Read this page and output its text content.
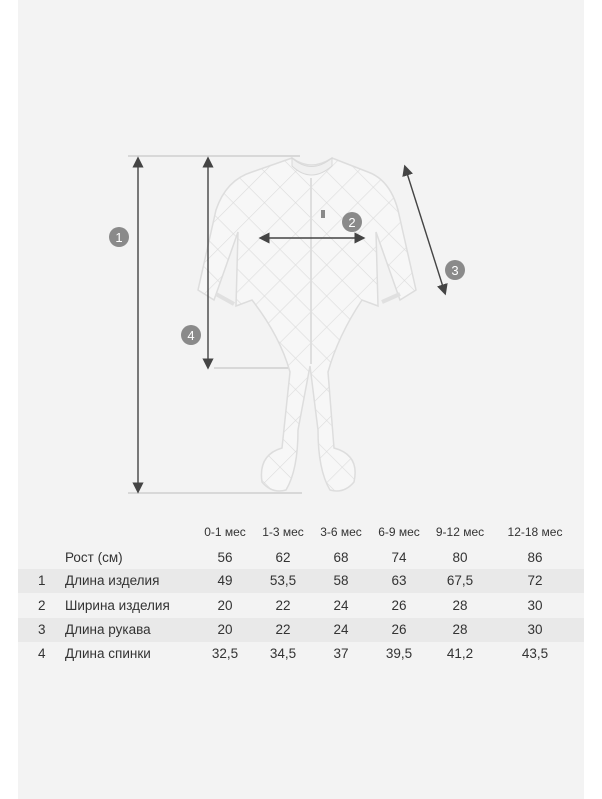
1
2
3
4
0-1 мес	1-3 мес	3-6 мес	6-9 мес	9-12 мес	12-18 мес
Рост (см)	56	62	68	74	80	86
1	Длина изделия	49	53,5	58	63	67,5	72
2	Ширина изделия	20	22	24	26	28	30
3	Длина рукава	20	22	24	26	28	30
4	Длина спинки	32,5	34,5	37	39,5	41,2	43,5
